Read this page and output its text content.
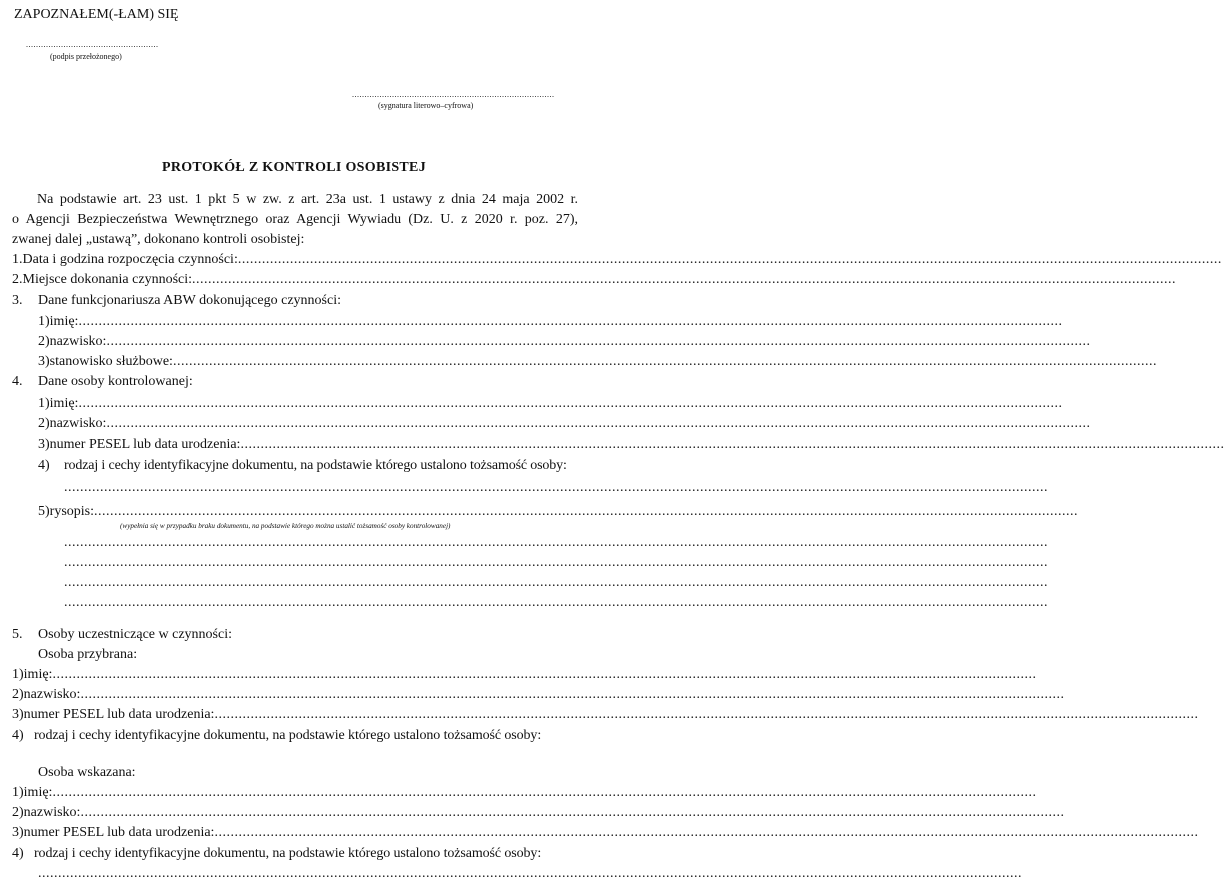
ZAPOZNAŁEM(-ŁAM) SIĘ
.....................................................
(podpis przełożonego)
.................................................................................
(sygnatura literowo–cyfrowa)
PROTOKÓŁ Z KONTROLI OSOBISTEJ
Na podstawie art. 23 ust. 1 pkt 5 w zw. z art. 23a ust. 1 ustawy z dnia 24 maja 2002 r.
o Agencji Bezpieczeństwa Wewnętrznego oraz Agencji Wywiadu (Dz. U. z 2020 r. poz. 27),
zwanej dalej „ustawą”, dokonano kontroli osobistej:
1. Data i godzina rozpoczęcia czynności: ......................................................................................................................................................................................................................................................
2. Miejsce dokonania czynności: ......................................................................................................................................................................................................................................................
3.	Dane funkcjonariusza ABW dokonującego czynności:
1) imię: ......................................................................................................................................................................................................................................................
2) nazwisko: ......................................................................................................................................................................................................................................................
3) stanowisko służbowe: ......................................................................................................................................................................................................................................................
4.	Dane osoby kontrolowanej:
1) imię: ......................................................................................................................................................................................................................................................
2) nazwisko: ......................................................................................................................................................................................................................................................
3) numer PESEL lub data urodzenia: ......................................................................................................................................................................................................................................................
4)	rodzaj i cechy identyfikacyjne dokumentu, na podstawie którego ustalono tożsamość osoby:
......................................................................................................................................................................................................................................................
5) rysopis: ......................................................................................................................................................................................................................................................
(wypełnia się w przypadku braku dokumentu, na podstawie którego można ustalić tożsamość osoby kontrolowanej)
......................................................................................................................................................................................................................................................
......................................................................................................................................................................................................................................................
......................................................................................................................................................................................................................................................
......................................................................................................................................................................................................................................................
5.	Osoby uczestniczące w czynności:
Osoba przybrana:
1) imię: ......................................................................................................................................................................................................................................................
2) nazwisko: ......................................................................................................................................................................................................................................................
3) numer PESEL lub data urodzenia: ......................................................................................................................................................................................................................................................
4) rodzaj i cechy identyfikacyjne dokumentu, na podstawie którego ustalono tożsamość osoby:
Osoba wskazana:
1) imię: ......................................................................................................................................................................................................................................................
2) nazwisko: ......................................................................................................................................................................................................................................................
3) numer PESEL lub data urodzenia: ......................................................................................................................................................................................................................................................
4) rodzaj i cechy identyfikacyjne dokumentu, na podstawie którego ustalono tożsamość osoby:
......................................................................................................................................................................................................................................................
